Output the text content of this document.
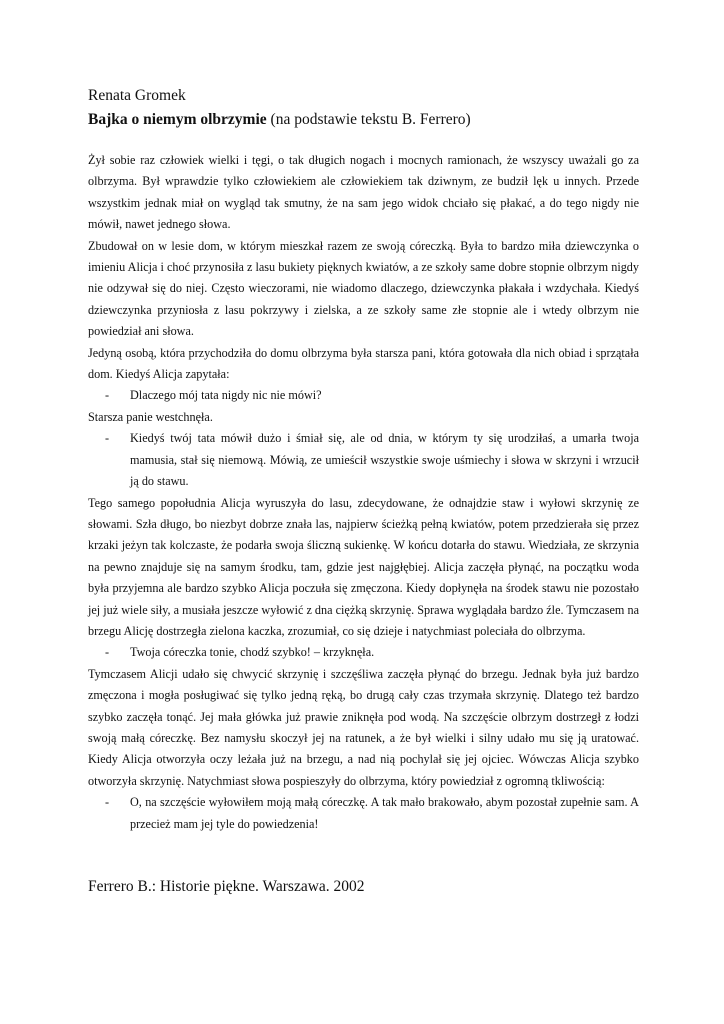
Renata Gromek
Bajka o niemym olbrzymie (na podstawie tekstu B. Ferrero)

Żył sobie raz człowiek wielki i tęgi, o tak długich nogach i mocnych ramionach, że wszyscy uważali go za olbrzyma. Był wprawdzie tylko człowiekiem ale człowiekiem tak dziwnym, ze budził lęk u innych. Przede wszystkim jednak miał on wygląd tak smutny, że na sam jego widok chciało się płakać, a do tego nigdy nie mówił, nawet jednego słowa.

Zbudował on w lesie dom, w którym mieszkał razem ze swoją córeczką. Była to bardzo miła dziewczynka o imieniu Alicja i choć przynosiła z lasu bukiety pięknych kwiatów, a ze szkoły same dobre stopnie olbrzym nigdy nie odzywał się do niej. Często wieczorami, nie wiadomo dlaczego, dziewczynka płakała i wzdychała. Kiedyś dziewczynka przyniosła z lasu pokrzywy i zielska, a ze szkoły same złe stopnie ale i wtedy olbrzym nie powiedział ani słowa.

Jedyną osobą, która przychodziła do domu olbrzyma była starsza pani, która gotowała dla nich obiad i sprzątała dom. Kiedyś Alicja zapytała:

-	Dlaczego mój tata nigdy nic nie mówi?

Starsza panie westchnęła.

-	Kiedyś twój tata mówił dużo i śmiał się, ale od dnia, w którym ty się urodziłaś, a umarła twoja mamusia, stał się niemową. Mówią, ze umieścił wszystkie swoje uśmiechy i słowa w skrzyni i wrzucił ją do stawu.

Tego samego popołudnia Alicja wyruszyła do lasu, zdecydowane, że odnajdzie staw i wyłowi skrzynię ze słowami. Szła długo, bo niezbyt dobrze znała las, najpierw ścieżką pełną kwiatów, potem przedzierała się przez krzaki jeżyn tak kolczaste, że podarła swoja śliczną sukienkę. W końcu dotarła do stawu. Wiedziała, ze skrzynia na pewno znajduje się na samym środku, tam, gdzie jest najgłębiej. Alicja zaczęła płynąć, na początku woda była przyjemna ale bardzo szybko Alicja poczuła się zmęczona. Kiedy dopłynęła na środek stawu nie pozostało jej już wiele siły, a musiała jeszcze wyłowić z dna ciężką skrzynię. Sprawa wyglądała bardzo źle. Tymczasem na brzegu Alicję dostrzegła zielona kaczka, zrozumiał, co się dzieje i natychmiast poleciała do olbrzyma.

-	Twoja córeczka tonie, chodź szybko! – krzyknęła.

Tymczasem Alicji udało się chwycić skrzynię i szczęśliwa zaczęła płynąć do brzegu. Jednak była już bardzo zmęczona i mogła posługiwać się tylko jedną ręką, bo drugą cały czas trzymała skrzynię. Dlatego też bardzo szybko zaczęła tonąć. Jej mała główka już prawie zniknęła pod wodą. Na szczęście olbrzym dostrzegł z łodzi swoją małą córeczkę. Bez namysłu skoczył jej na ratunek, a że był wielki i silny udało mu się ją uratować. Kiedy Alicja otworzyła oczy leżała już na brzegu, a nad nią pochylał się jej ojciec. Wówczas Alicja szybko otworzyła skrzynię. Natychmiast słowa pospieszyły do olbrzyma, który powiedział z ogromną tkliwością:

-	O, na szczęście wyłowiłem moją małą córeczkę. A tak mało brakowało, abym pozostał zupełnie sam. A przecież mam jej tyle do powiedzenia!
Ferrero B.: Historie piękne. Warszawa. 2002
